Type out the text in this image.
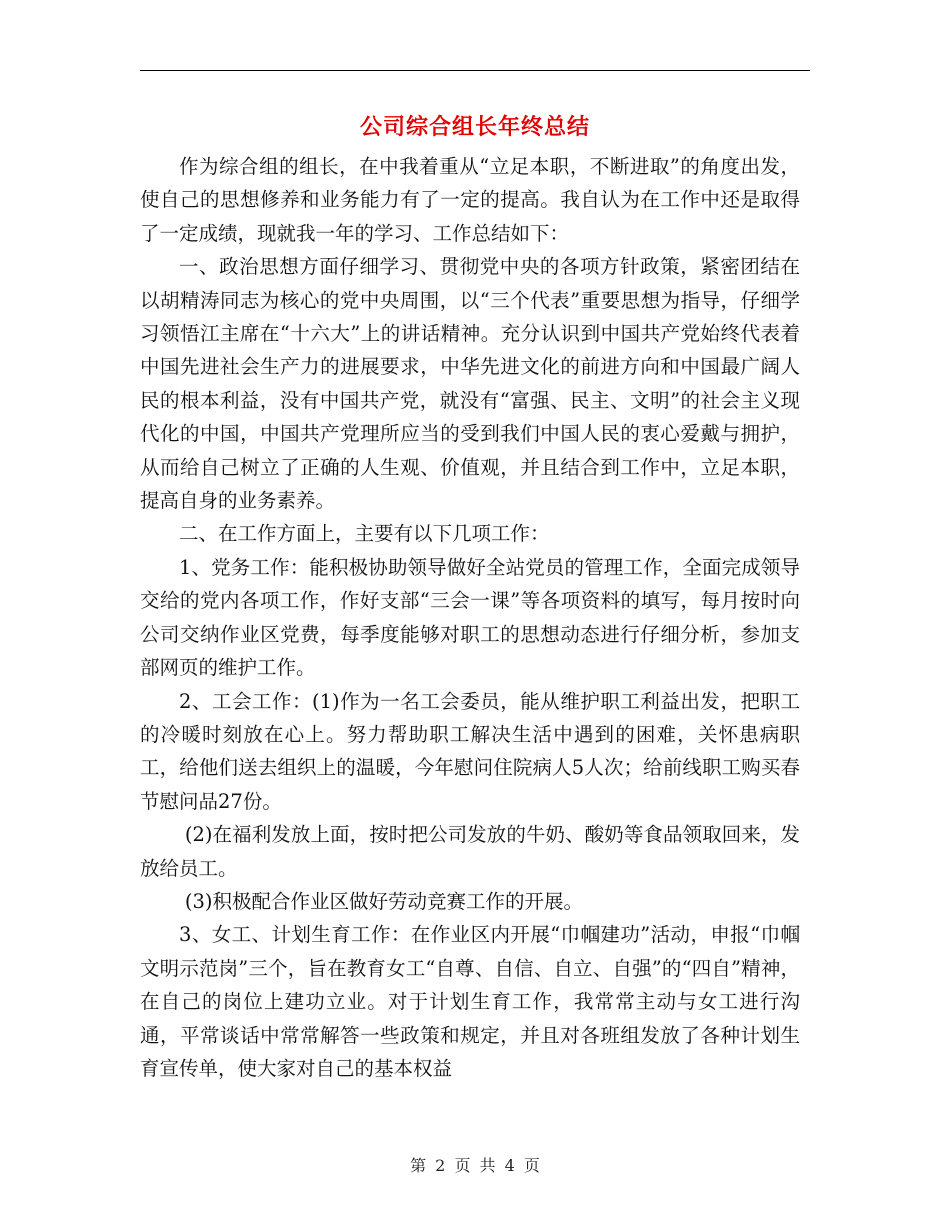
公司综合组长年终总结

作为综合组的组长，在中我着重从“立足本职，不断进取”的角度出发，使自己的思想修养和业务能力有了一定的提高。我自认为在工作中还是取得了一定成绩，现就我一年的学习、工作总结如下：

一、政治思想方面仔细学习、贯彻党中央的各项方针政策，紧密团结在以胡精涛同志为核心的党中央周围，以“三个代表”重要思想为指导，仔细学习领悟江主席在“十六大”上的讲话精神。充分认识到中国共产党始终代表着中国先进社会生产力的进展要求，中华先进文化的前进方向和中国最广阔人民的根本利益，没有中国共产党，就没有“富强、民主、文明”的社会主义现代化的中国，中国共产党理所应当的受到我们中国人民的衷心爱戴与拥护，从而给自己树立了正确的人生观、价值观，并且结合到工作中，立足本职，提高自身的业务素养。

二、在工作方面上，主要有以下几项工作：

1、党务工作：能积极协助领导做好全站党员的管理工作，全面完成领导交给的党内各项工作，作好支部“三会一课”等各项资料的填写，每月按时向公司交纳作业区党费，每季度能够对职工的思想动态进行仔细分析，参加支部网页的维护工作。

2、工会工作：(1)作为一名工会委员，能从维护职工利益出发，把职工的冷暖时刻放在心上。努力帮助职工解决生活中遇到的困难，关怀患病职工，给他们送去组织上的温暖，今年慰问住院病人5人次；给前线职工购买春节慰问品27份。

(2)在福利发放上面，按时把公司发放的牛奶、酸奶等食品领取回来，发放给员工。

(3)积极配合作业区做好劳动竞赛工作的开展。

3、女工、计划生育工作：在作业区内开展“巾帼建功”活动，申报“巾帼文明示范岗”三个，旨在教育女工“自尊、自信、自立、自强”的“四自”精神，在自己的岗位上建功立业。对于计划生育工作，我常常主动与女工进行沟通，平常谈话中常常解答一些政策和规定，并且对各班组发放了各种计划生育宣传单，使大家对自己的基本权益

第 2 页 共 4 页
